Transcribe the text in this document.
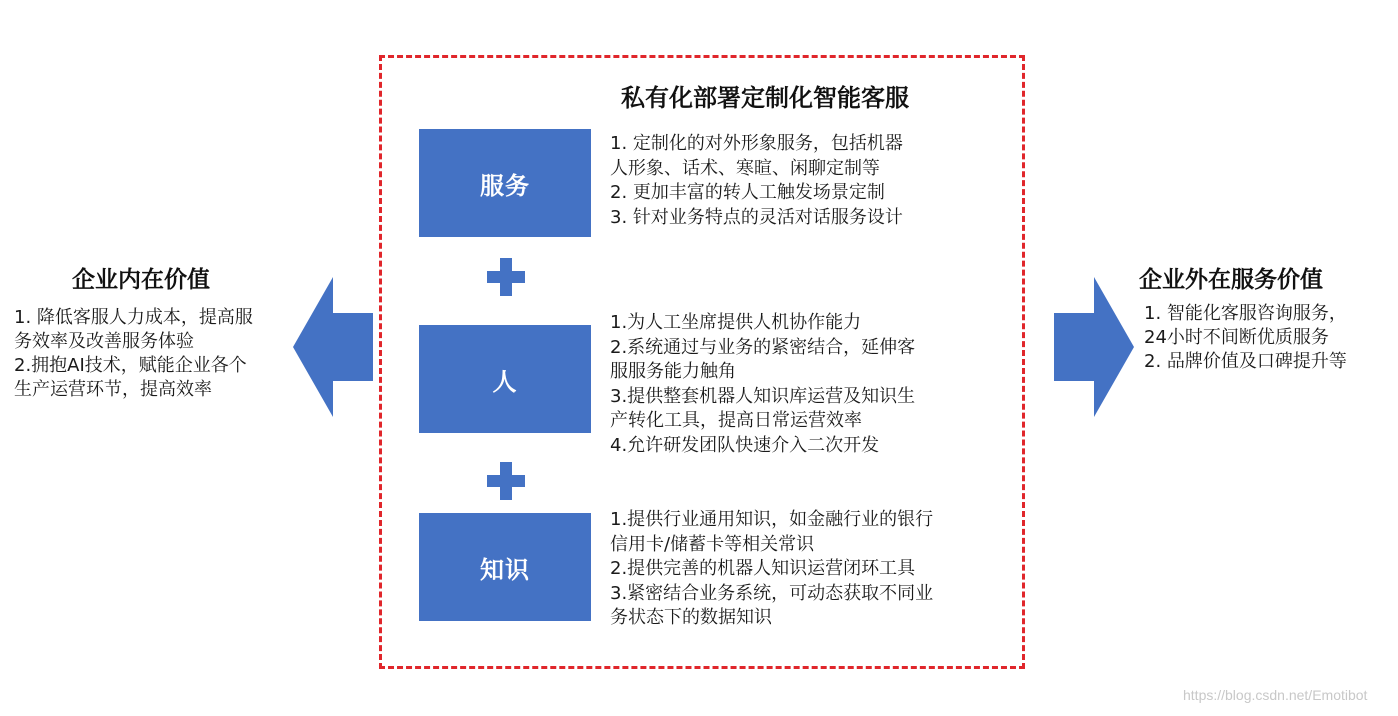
私有化部署定制化智能客服
服务
1. 定制化的对外形象服务，包括机器
人形象、话术、寒暄、闲聊定制等
2. 更加丰富的转人工触发场景定制
3. 针对业务特点的灵活对话服务设计
人
1.为人工坐席提供人机协作能力
2.系统通过与业务的紧密结合，延伸客
服服务能力触角
3.提供整套机器人知识库运营及知识生
产转化工具，提高日常运营效率
4.允许研发团队快速介入二次开发
知识
1.提供行业通用知识，如金融行业的银行
信用卡/储蓄卡等相关常识
2.提供完善的机器人知识运营闭环工具
3.紧密结合业务系统，可动态获取不同业
务状态下的数据知识
企业内在价值
1. 降低客服人力成本，提高服
务效率及改善服务体验
2.拥抱AI技术，赋能企业各个
生产运营环节，提高效率
企业外在服务价值
1. 智能化客服咨询服务，
24小时不间断优质服务
2. 品牌价值及口碑提升等
https://blog.csdn.net/Emotibot
